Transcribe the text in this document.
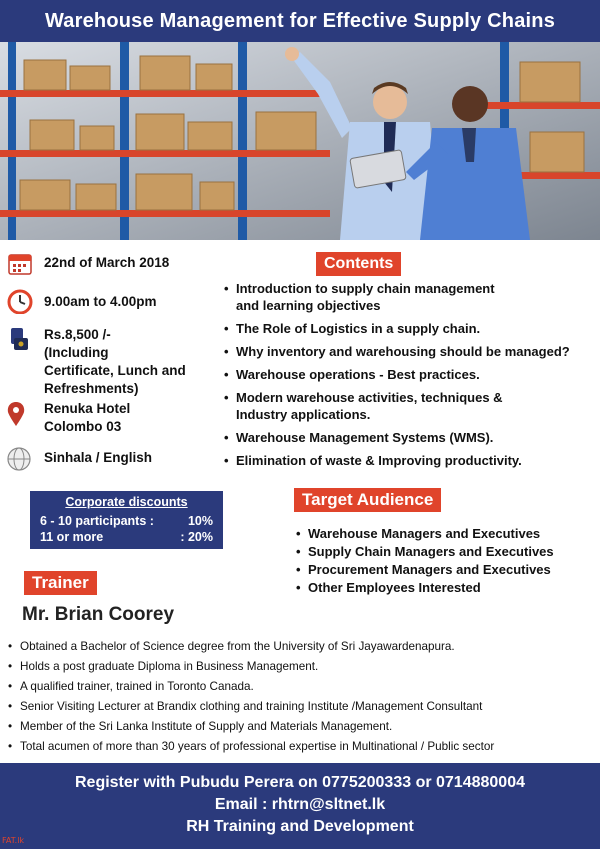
Warehouse Management for Effective Supply Chains
22nd of March 2018
9.00am to 4.00pm
Rs.8,500 /-
(Including
Certificate, Lunch and
Refreshments)
Renuka Hotel
Colombo 03
Sinhala / English
Contents
• Introduction to supply chain management
and learning objectives
• The Role of Logistics in a supply chain.
• Why inventory and warehousing should be managed?
• Warehouse operations - Best practices.
• Modern warehouse activities, techniques &
Industry applications.
• Warehouse Management Systems (WMS).
• Elimination of waste & Improving productivity.
Corporate discounts
6 - 10 participants :	10%
11 or more	: 20%
Target Audience
• Warehouse Managers and Executives
• Supply Chain Managers and Executives
• Procurement Managers and Executives
• Other Employees Interested
Trainer
Mr. Brian Coorey
• Obtained a Bachelor of Science degree from the University of Sri Jayawardenapura.
• Holds a post graduate Diploma in Business Management.
• A qualified trainer, trained in Toronto Canada.
• Senior Visiting Lecturer at Brandix clothing and training Institute /Management Consultant
• Member of the Sri Lanka Institute of Supply and Materials Management.
• Total acumen of more than 30 years of professional expertise in Multinational / Public sector
Register with Pubudu Perera on 0775200333 or 0714880004
Email : rhtrn@sltnet.lk
RH Training and Development
FAT.lk
